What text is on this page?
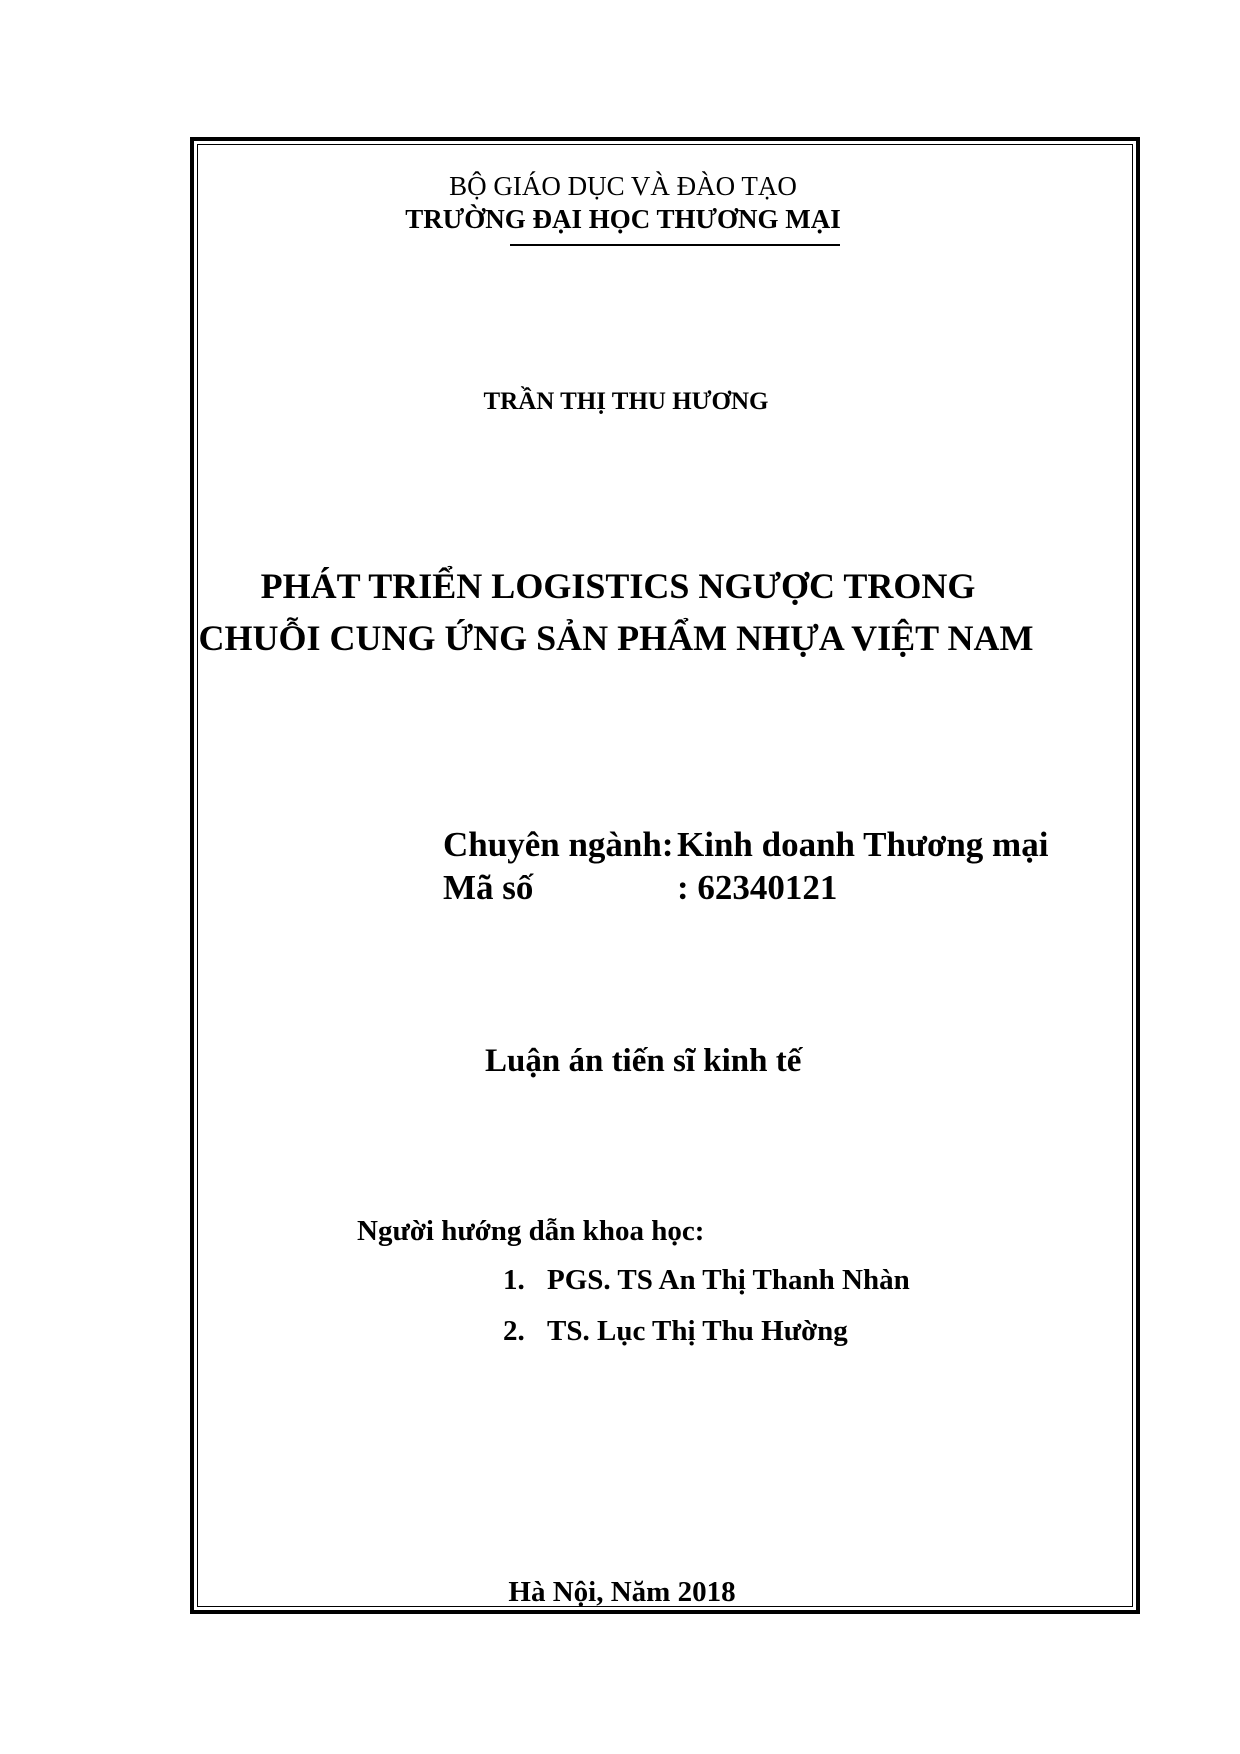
BỘ GIÁO DỤC VÀ ĐÀO TẠO
TRƯỜNG ĐẠI HỌC THƯƠNG MẠI
TRẦN THỊ THU HƯƠNG
PHÁT TRIỂN LOGISTICS NGƯỢC TRONG
CHUỖI CUNG ỨNG SẢN PHẨM NHỰA VIỆT NAM
Chuyên ngành:Kinh doanh Thương mại
Mã số	: 62340121
Luận án tiến sĩ kinh tế
Người hướng dẫn khoa học:
1. PGS. TS An Thị Thanh Nhàn
2. TS. Lục Thị Thu Hường
Hà Nội, Năm 2018
